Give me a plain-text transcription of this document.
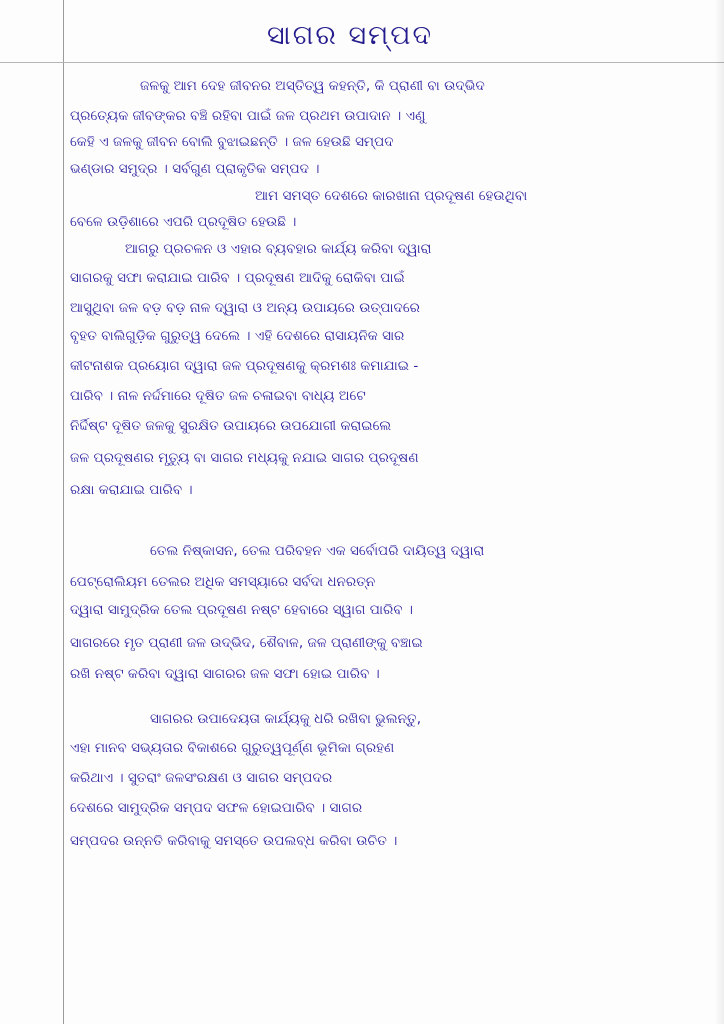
ସାଗର ସମ୍ପଦ
ଜଳକୁ ଆମ ଦେହ ଜୀବନର ଅସ୍ତିତ୍ୱ କହନ୍ତି, କି ପ୍ରାଣୀ ବା ଉଦ୍ଭିଦ
ପ୍ରତ୍ୟେକ ଜୀବଙ୍କର ବଞ୍ଚି ରହିବା ପାଇଁ ଜଳ ପ୍ରଥମ ଉପାଦାନ । ଏଣୁ
କେହି ଏ ଜଳକୁ ଜୀବନ ବୋଲି ବୁଝାଇଛନ୍ତି । ଜଳ ହେଉଛି ସମ୍ପଦ
ଭଣ୍ଡାର ସମୁଦ୍ର । ସର୍ବଗୁଣ ପ୍ରାକୃତିକ ସମ୍ପଦ ।
ଆମ ସମସ୍ତ ଦେଶରେ କାରଖାନା ପ୍ରଦୂଷଣ ହେଉଥିବା
ବେଳେ ଉଡ଼ିଶାରେ ଏପରି ପ୍ରଦୂଷିତ ହେଉଛି ।
ଆଗରୁ ପ୍ରଚଳନ ଓ ଏହାର ବ୍ୟବହାର କାର୍ଯ୍ୟ କରିବା ଦ୍ୱାରା
ସାଗରକୁ ସଫା କରାଯାଇ ପାରିବ । ପ୍ରଦୂଷଣ ଆଦିକୁ ରୋକିବା ପାଇଁ
ଆସୁଥିବା ଜଳ ବଡ଼ ବଡ଼ ନାଳ ଦ୍ୱାରା ଓ ଅନ୍ୟ ଉପାୟରେ ଉତ୍ପାଦରେ
ବୃହତ ବାଲିଗୁଡ଼ିକ ଗୁରୁତ୍ୱ ଦେଲେ । ଏହି ଦେଶରେ ରାସାୟନିକ ସାର
କୀଟନାଶକ ପ୍ରୟୋଗ ଦ୍ୱାରା ଜଳ ପ୍ରଦୂଷଣକୁ କ୍ରମଶଃ କମାଯାଇ -
ପାରିବ । ନାଳ ନର୍ଦ୍ଦମାରେ ଦୂଷିତ ଜଳ ଚଳାଇବା ବାଧ୍ୟ ଅଟେ
ନିର୍ଦ୍ଦିଷ୍ଟ ଦୂଷିତ ଜଳକୁ ସୁରକ୍ଷିତ ଉପାୟରେ ଉପଯୋଗୀ କରାଇଲେ
ଜଳ ପ୍ରଦୂଷଣର ମୃତ୍ୟୁ ବା ସାଗର ମଧ୍ୟକୁ ନଯାଇ ସାଗର ପ୍ରଦୂଷଣ
ରକ୍ଷା କରାଯାଇ ପାରିବ ।
ତେଲ ନିଷ୍କାସନ, ତେଲ ପରିବହନ ଏକ ସର୍ବୋପରି ଦାୟିତ୍ୱ ଦ୍ୱାରା
ପେଟ୍ରୋଲିୟମ ତେଲର ଅଧିକ ସମସ୍ୟାରେ ସର୍ବଦା ଧନରତ୍ନ
ଦ୍ୱାରା ସାମୁଦ୍ରିକ ତେଲ ପ୍ରଦୂଷଣ ନଷ୍ଟ ହେବାରେ ସ୍ୱାଗ ପାରିବ ।
ସାଗରରେ ମୃତ ପ୍ରାଣୀ ଜଳ ଉଦ୍ଭିଦ, ଶୈବାଳ, ଜଳ ପ୍ରାଣୀଙ୍କୁ ବଞ୍ଚାଇ
ରଖି ନଷ୍ଟ କରିବା ଦ୍ୱାରା ସାଗରର ଜଳ ସଫା ହୋଇ ପାରିବ ।
ସାଗରର ଉପାଦେୟତା କାର୍ଯ୍ୟକୁ ଧରି ରଖିବା ଭୁଲନ୍ତୁ,
ଏହା ମାନବ ସଭ୍ୟତାର ବିକାଶରେ ଗୁରୁତ୍ୱପୂର୍ଣ୍ଣ ଭୂମିକା ଗ୍ରହଣ
କରିଥାଏ । ସୁତରାଂ ଜଳସଂରକ୍ଷଣ ଓ ସାଗର ସମ୍ପଦର
ଦେଶରେ ସାମୁଦ୍ରିକ ସମ୍ପଦ ସଫଳ ହୋଇପାରିବ । ସାଗର
ସମ୍ପଦର ଉନ୍ନତି କରିବାକୁ ସମସ୍ତେ ଉପଲବ୍ଧ କରିବା ଉଚିତ ।
